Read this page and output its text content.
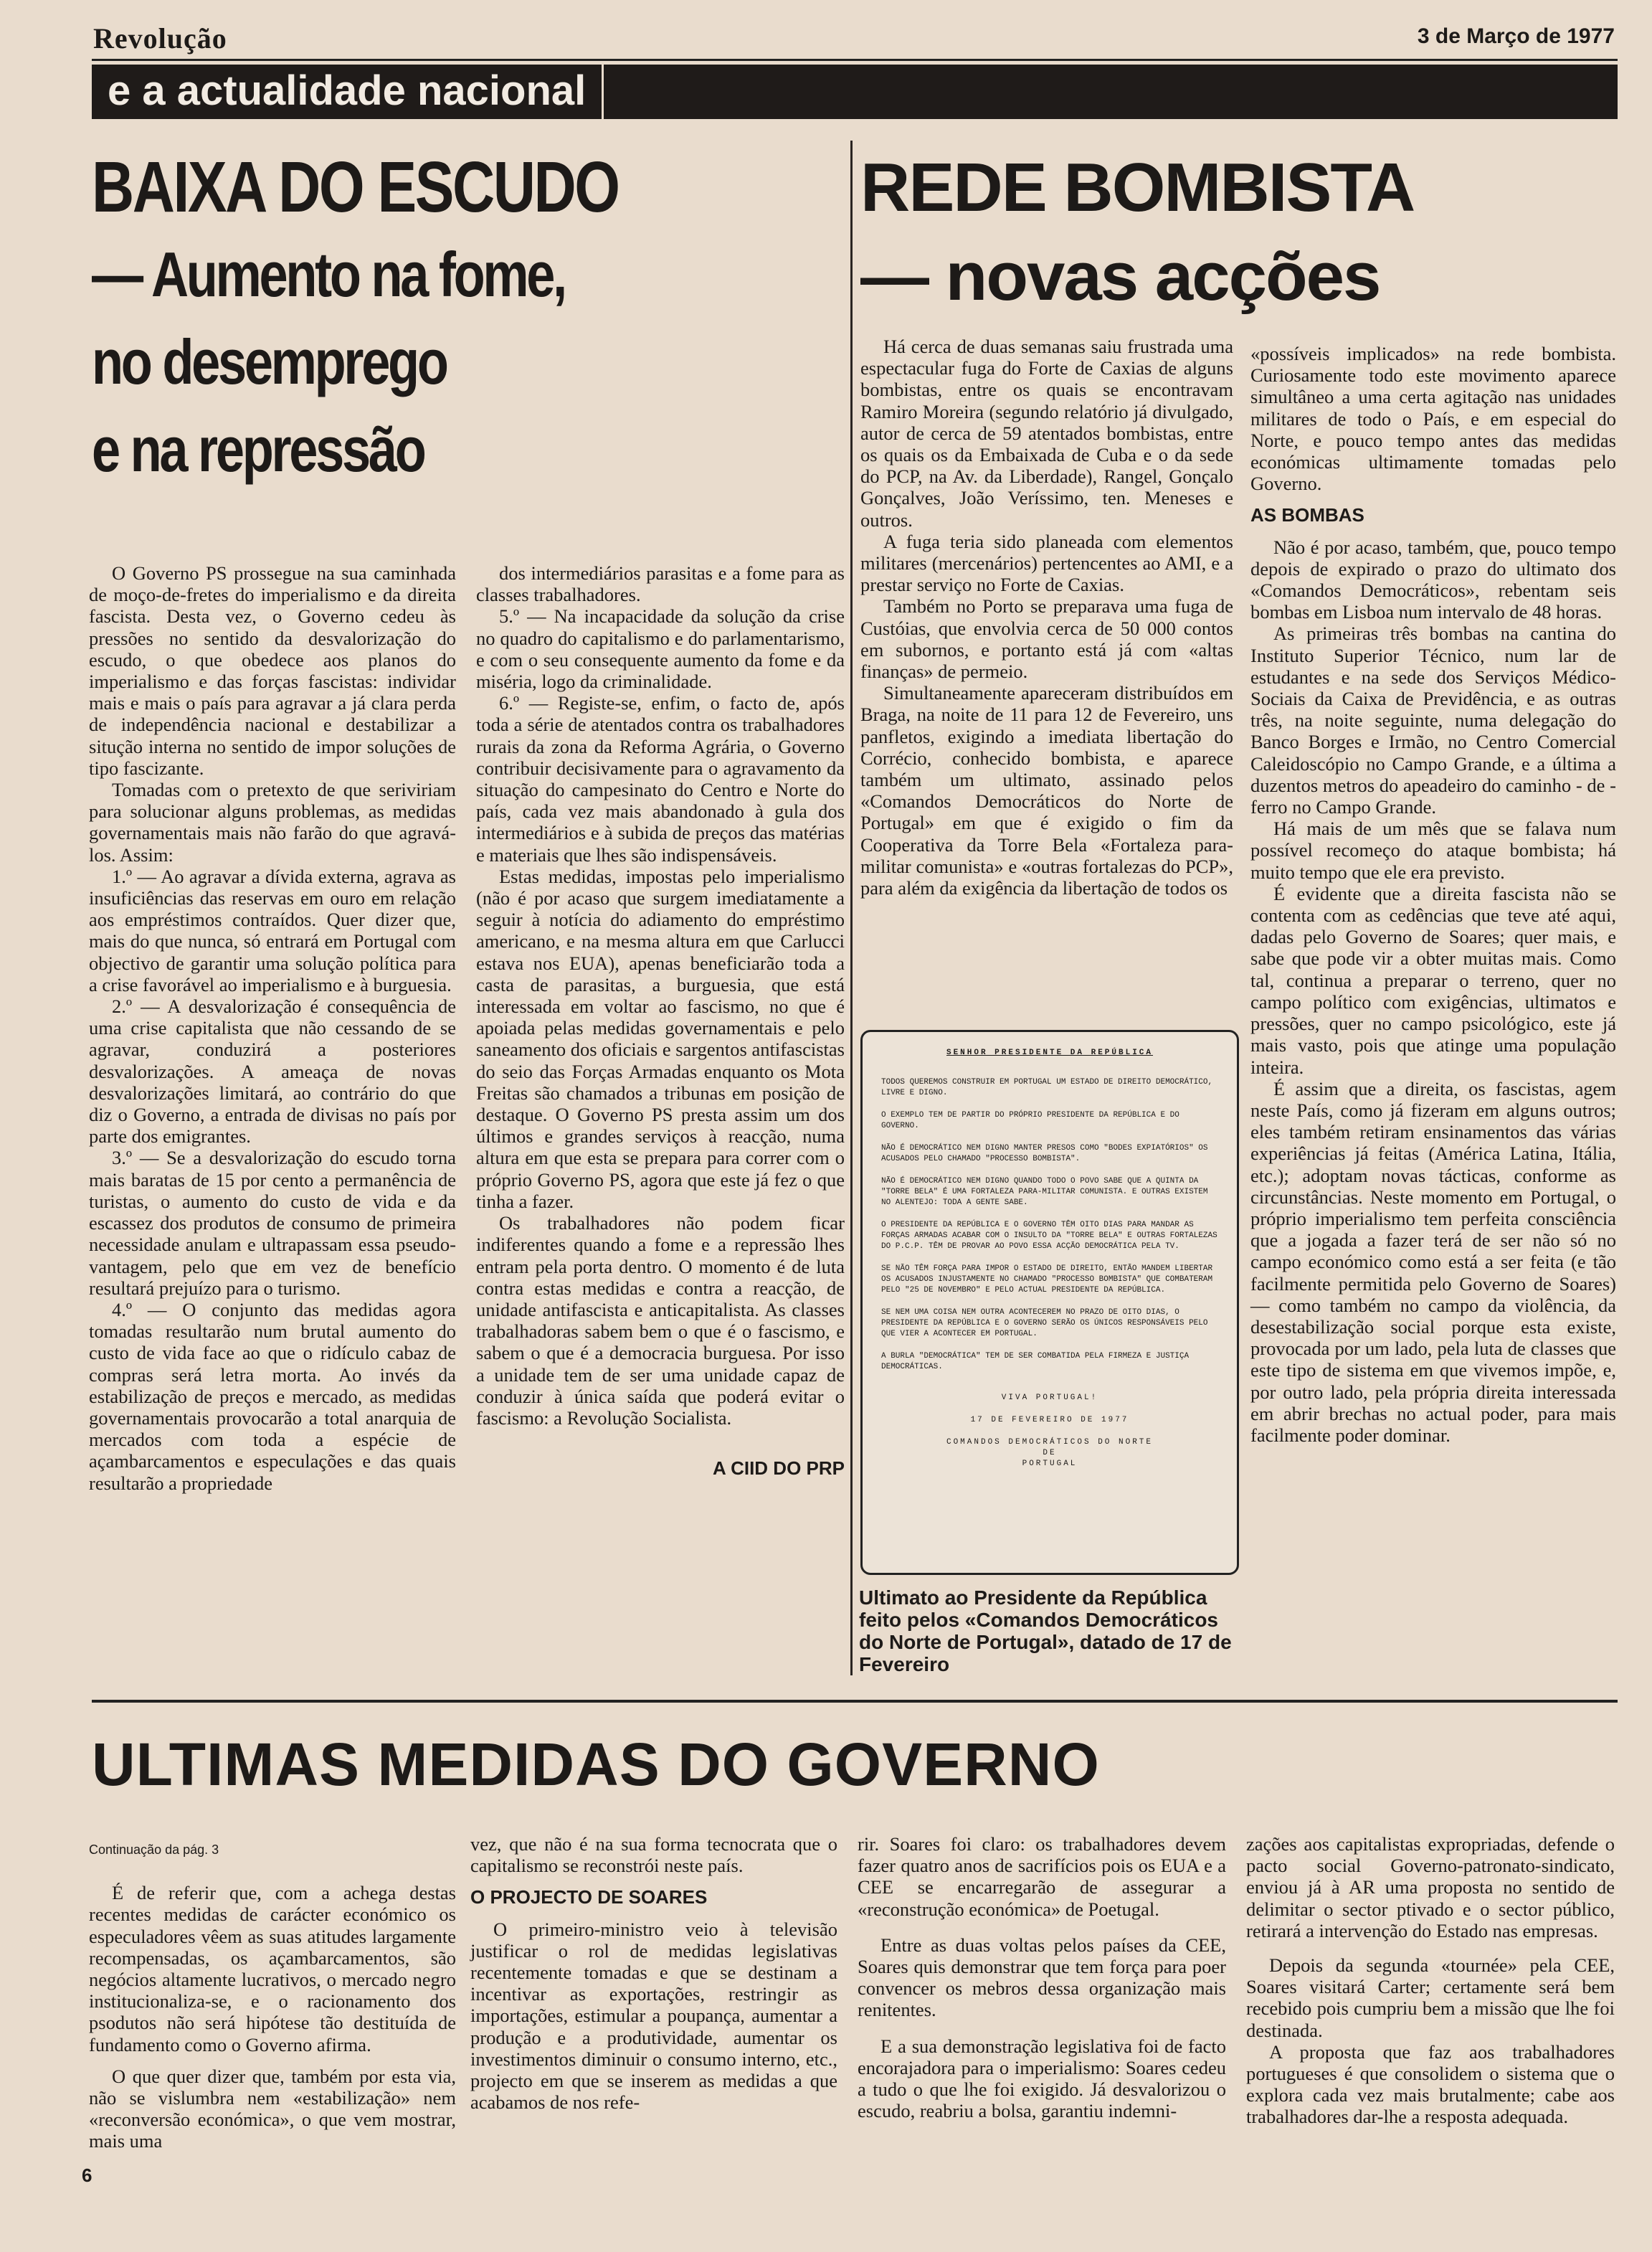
Revolução	3 de Março de 1977
e a actualidade nacional
BAIXA DO ESCUDO
— Aumento na fome,
no desemprego
e na repressão

O Governo PS prossegue na sua caminhada de moço-de-fretes do imperialismo e da direita fascista. Desta vez, o Governo cedeu às pressões no sentido da desvalorização do escudo, o que obedece aos planos do imperialismo e das forças fascistas: individar mais e mais o país para agravar a já clara perda de independência nacional e destabilizar a situção interna no sentido de impor soluções de tipo fascizante.

Tomadas com o pretexto de que seriviriam para solucionar alguns problemas, as medidas governamentais mais não farão do que agravá-los. Assim:

1.º — Ao agravar a dívida externa, agrava as insuficiências das reservas em ouro em relação aos empréstimos contraídos. Quer dizer que, mais do que nunca, só entrará em Portugal com objectivo de garantir uma solução política para a crise favorável ao imperialismo e à burguesia.

2.º — A desvalorização é consequência de uma crise capitalista que não cessando de se agravar, conduzirá a posteriores desvalorizações. A ameaça de novas desvalorizações limitará, ao contrário do que diz o Governo, a entrada de divisas no país por parte dos emigrantes.

3.º — Se a desvalorização do escudo torna mais baratas de 15 por cento a permanência de turistas, o aumento do custo de vida e da escassez dos produtos de consumo de primeira necessidade anulam e ultrapassam essa pseudo-vantagem, pelo que em vez de benefício resultará prejuízo para o turismo.

4.º — O conjunto das medidas agora tomadas resultarão num brutal aumento do custo de vida face ao que o ridículo cabaz de compras será letra morta. Ao invés da estabilização de preços e mercado, as medidas governamentais provocarão a total anarquia de mercados com toda a espécie de açambarcamentos e especulações e das quais resultarão a propriedade

dos intermediários parasitas e a fome para as classes trabalhadores.

5.º — Na incapacidade da solução da crise no quadro do capitalismo e do parlamentarismo, e com o seu consequente aumento da fome e da miséria, logo da criminalidade.

6.º — Registe-se, enfim, o facto de, após toda a série de atentados contra os trabalhadores rurais da zona da Reforma Agrária, o Governo contribuir decisivamente para o agravamento da situação do campesinato do Centro e Norte do país, cada vez mais abandonado à gula dos intermediários e à subida de preços das matérias e materiais que lhes são indispensáveis.

Estas medidas, impostas pelo imperialismo (não é por acaso que surgem imediatamente a seguir à notícia do adiamento do empréstimo americano, e na mesma altura em que Carlucci estava nos EUA), apenas beneficiarão toda a casta de parasitas, a burguesia, que está interessada em voltar ao fascismo, no que é apoiada pelas medidas governamentais e pelo saneamento dos oficiais e sargentos antifascistas do seio das Forças Armadas enquanto os Mota Freitas são chamados a tribunas em posição de destaque. O Governo PS presta assim um dos últimos e grandes serviços à reacção, numa altura em que esta se prepara para correr com o próprio Governo PS, agora que este já fez o que tinha a fazer.

Os trabalhadores não podem ficar indiferentes quando a fome e a repressão lhes entram pela porta dentro. O momento é de luta contra estas medidas e contra a reacção, de unidade antifascista e anticapitalista. As classes trabalhadoras sabem bem o que é o fascismo, e sabem o que é a democracia burguesa. Por isso a unidade tem de ser uma unidade capaz de conduzir à única saída que poderá evitar o fascismo: a Revolução Socialista.

A CIID DO PRP
REDE BOMBISTA
— novas acções

Há cerca de duas semanas saiu frustrada uma espectacular fuga do Forte de Caxias de alguns bombistas, entre os quais se encontravam Ramiro Moreira (segundo relatório já divulgado, autor de cerca de 59 atentados bombistas, entre os quais os da Embaixada de Cuba e o da sede do PCP, na Av. da Liberdade), Rangel, Gonçalo Gonçalves, João Veríssimo, ten. Meneses e outros.

A fuga teria sido planeada com elementos militares (mercenários) pertencentes ao AMI, e a prestar serviço no Forte de Caxias.

Também no Porto se preparava uma fuga de Custóias, que envolvia cerca de 50 000 contos em subornos, e portanto está já com «altas finanças» de permeio.

Simultaneamente apareceram distribuídos em Braga, na noite de 11 para 12 de Fevereiro, uns panfletos, exigindo a imediata libertação do Corrécio, conhecido bombista, e aparece também um ultimato, assinado pelos «Comandos Democráticos do Norte de Portugal» em que é exigido o fim da Cooperativa da Torre Bela «Fortaleza para-militar comunista» e «outras fortalezas do PCP», para além da exigência da libertação de todos os

SENHOR PRESIDENTE DA REPÚBLICA

TODOS QUEREMOS CONSTRUIR EM PORTUGAL UM ESTADO DE DIREITO DEMOCRÁTICO, LIVRE E DIGNO.

O EXEMPLO TEM DE PARTIR DO PRÓPRIO PRESIDENTE DA REPÚBLICA E DO GOVERNO.

NÃO É DEMOCRÁTICO NEM DIGNO MANTER PRESOS COMO "BODES EXPIATÓRIOS" OS ACUSADOS PELO CHAMADO "PROCESSO BOMBISTA".

NÃO É DEMOCRÁTICO NEM DIGNO QUANDO TODO O POVO SABE QUE A QUINTA DA "TORRE BELA" É UMA FORTALEZA PARA-MILITAR COMUNISTA. E OUTRAS EXISTEM NO ALENTEJO: TODA A GENTE SABE.

O PRESIDENTE DA REPÚBLICA E O GOVERNO TÊM OITO DIAS PARA MANDAR AS FORÇAS ARMADAS ACABAR COM O INSULTO DA "TORRE BELA" E OUTRAS FORTALEZAS DO P.C.P. TÊM DE PROVAR AO POVO ESSA ACÇÃO DEMOCRÁTICA PELA TV.

SE NÃO TÊM FORÇA PARA IMPOR O ESTADO DE DIREITO, ENTÃO MANDEM LIBERTAR OS ACUSADOS INJUSTAMENTE NO CHAMADO "PROCESSO BOMBISTA" QUE COMBATERAM PELO "25 DE NOVEMBRO" E PELO ACTUAL PRESIDENTE DA REPÚBLICA.

SE NEM UMA COISA NEM OUTRA ACONTECEREM NO PRAZO DE OITO DIAS, O PRESIDENTE DA REPÚBLICA E O GOVERNO SERÃO OS ÚNICOS RESPONSÁVEIS PELO QUE VIER A ACONTECER EM PORTUGAL.

A BURLA "DEMOCRÁTICA" TEM DE SER COMBATIDA PELA FIRMEZA E JUSTIÇA DEMOCRÁTICAS.

VIVA PORTUGAL!

17 DE FEVEREIRO DE 1977

COMANDOS DEMOCRÁTICOS DO NORTE

DE

PORTUGAL

Ultimato ao Presidente da República feito pelos «Comandos Democráticos do Norte de Portugal», datado de 17 de Fevereiro

«possíveis implicados» na rede bombista. Curiosamente todo este movimento aparece simultâneo a uma certa agitação nas unidades militares de todo o País, e em especial do Norte, e pouco tempo antes das medidas económicas ultimamente tomadas pelo Governo.

AS BOMBAS

Não é por acaso, também, que, pouco tempo depois de expirado o prazo do ultimato dos «Comandos Democráticos», rebentam seis bombas em Lisboa num intervalo de 48 horas.

As primeiras três bombas na cantina do Instituto Superior Técnico, num lar de estudantes e na sede dos Serviços Médico-Sociais da Caixa de Previdência, e as outras três, na noite seguinte, numa delegação do Banco Borges e Irmão, no Centro Comercial Caleidoscópio no Campo Grande, e a última a duzentos metros do apeadeiro do caminho - de - ferro no Campo Grande.

Há mais de um mês que se falava num possível recomeço do ataque bombista; há muito tempo que ele era previsto.

É evidente que a direita fascista não se contenta com as cedências que teve até aqui, dadas pelo Governo de Soares; quer mais, e sabe que pode vir a obter muitas mais. Como tal, continua a preparar o terreno, quer no campo político com exigências, ultimatos e pressões, quer no campo psicológico, este já mais vasto, pois que atinge uma população inteira.

É assim que a direita, os fascistas, agem neste País, como já fizeram em alguns outros; eles também retiram ensinamentos das várias experiências já feitas (América Latina, Itália, etc.); adoptam novas tácticas, conforme as circunstâncias. Neste momento em Portugal, o próprio imperialismo tem perfeita consciência que a jogada a fazer terá de ser não só no campo económico como está a ser feita (e tão facilmente permitida pelo Governo de Soares) — como também no campo da violência, da desestabilização social porque esta existe, provocada por um lado, pela luta de classes que este tipo de sistema em que vivemos impõe, e, por outro lado, pela própria direita interessada em abrir brechas no actual poder, para mais facilmente poder dominar.

ULTIMAS MEDIDAS DO GOVERNO
Continuação da pág. 3

É de referir que, com a achega destas recentes medidas de carácter económico os especuladores vêem as suas atitudes largamente recompensadas, os açambarcamentos, são negócios altamente lucrativos, o mercado negro institucionaliza-se, e o racionamento dos psodutos não será hipótese tão destituída de fundamento como o Governo afirma.

O que quer dizer que, também por esta via, não se vislumbra nem «estabilização» nem «reconversão económica», o que vem mostrar, mais uma

vez, que não é na sua forma tecnocrata que o capitalismo se reconstrói neste país.

O PROJECTO DE SOARES

O primeiro-ministro veio à televisão justificar o rol de medidas legislativas recentemente tomadas e que se destinam a incentivar as exportações, restringir as importações, estimular a poupança, aumentar a produção e a produtividade, aumentar os investimentos diminuir o consumo interno, etc., projecto em que se inserem as medidas a que acabamos de nos refe-

rir. Soares foi claro: os trabalhadores devem fazer quatro anos de sacrifícios pois os EUA e a CEE se encarregarão de assegurar a «reconstrução económica» de Poetugal.

Entre as duas voltas pelos países da CEE, Soares quis demonstrar que tem força para poer convencer os mebros dessa organização mais renitentes.

E a sua demonstração legislativa foi de facto encorajadora para o imperialismo: Soares cedeu a tudo o que lhe foi exigido. Já desvalorizou o escudo, reabriu a bolsa, garantiu indemni-

zações aos capitalistas expropriadas, defende o pacto social Governo-patronato-sindicato, enviou já à AR uma proposta no sentido de delimitar o sector ptivado e o sector público, retirará a intervenção do Estado nas empresas.

Depois da segunda «tournée» pela CEE, Soares visitará Carter; certamente será bem recebido pois cumpriu bem a missão que lhe foi destinada.

A proposta que faz aos trabalhadores portugueses é que consolidem o sistema que o explora cada vez mais brutalmente; cabe aos trabalhadores dar-lhe a resposta adequada.

6
